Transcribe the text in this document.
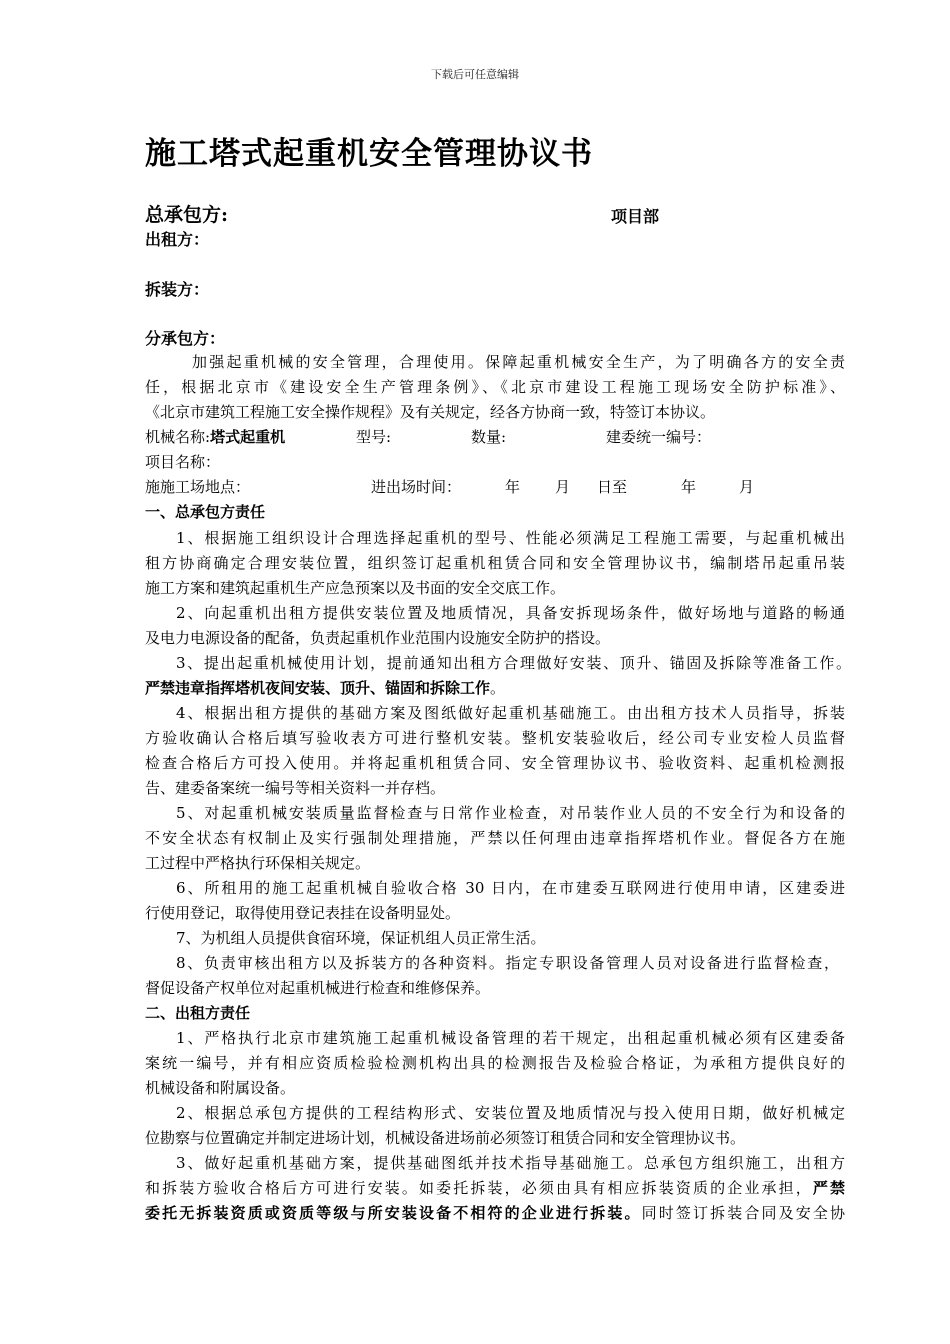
下载后可任意编辑
施工塔式起重机安全管理协议书
总承包方:	项目部
出租方：
拆装方：
分承包方：
加强起重机械的安全管理，合理使用。保障起重机械安全生产，为了明确各方的安全责
任，根据北京市《建设安全生产管理条例》、《北京市建设工程施工现场安全防护标准》、
《北京市建筑工程施工安全操作规程》及有关规定，经各方协商一致，特签订本协议。
机械名称:塔式起重机	型号:	数量:	建委统一编号：
项目名称：
施施工场地点：	进出场时间：	年 月 日至	年	月
一、总承包方责任
1、根据施工组织设计合理选择起重机的型号、性能必须满足工程施工需要，与起重机械出
租方协商确定合理安装位置，组织签订起重机租赁合同和安全管理协议书，编制塔吊起重吊装
施工方案和建筑起重机生产应急预案以及书面的安全交底工作。
2、向起重机出租方提供安装位置及地质情况，具备安拆现场条件，做好场地与道路的畅通
及电力电源设备的配备，负责起重机作业范围内设施安全防护的搭设。
3、提出起重机械使用计划，提前通知出租方合理做好安装、顶升、锚固及拆除等准备工作。
严禁违章指挥塔机夜间安装、顶升、锚固和拆除工作。
4、根据出租方提供的基础方案及图纸做好起重机基础施工。由出租方技术人员指导，拆装
方验收确认合格后填写验收表方可进行整机安装。整机安装验收后，经公司专业安检人员监督
检查合格后方可投入使用。并将起重机租赁合同、安全管理协议书、验收资料、起重机检测报
告、建委备案统一编号等相关资料一并存档。
5、对起重机械安装质量监督检查与日常作业检查，对吊装作业人员的不安全行为和设备的
不安全状态有权制止及实行强制处理措施，严禁以任何理由违章指挥塔机作业。督促各方在施
工过程中严格执行环保相关规定。
6、所租用的施工起重机械自验收合格 30 日内，在市建委互联网进行使用申请，区建委进
行使用登记，取得使用登记表挂在设备明显处。
7、为机组人员提供食宿环境，保证机组人员正常生活。
8、负责审核出租方以及拆装方的各种资料。指定专职设备管理人员对设备进行监督检查，
督促设备产权单位对起重机械进行检查和维修保养。
二、出租方责任
1、严格执行北京市建筑施工起重机械设备管理的若干规定，出租起重机械必须有区建委备
案统一编号，并有相应资质检验检测机构出具的检测报告及检验合格证，为承租方提供良好的
机械设备和附属设备。
2、根据总承包方提供的工程结构形式、安装位置及地质情况与投入使用日期，做好机械定
位勘察与位置确定并制定进场计划，机械设备进场前必须签订租赁合同和安全管理协议书。
3、做好起重机基础方案，提供基础图纸并技术指导基础施工。总承包方组织施工，出租方
和拆装方验收合格后方可进行安装。如委托拆装，必须由具有相应拆装资质的企业承担，严禁
委托无拆装资质或资质等级与所安装设备不相符的企业进行拆装。同时签订拆装合同及安全协
